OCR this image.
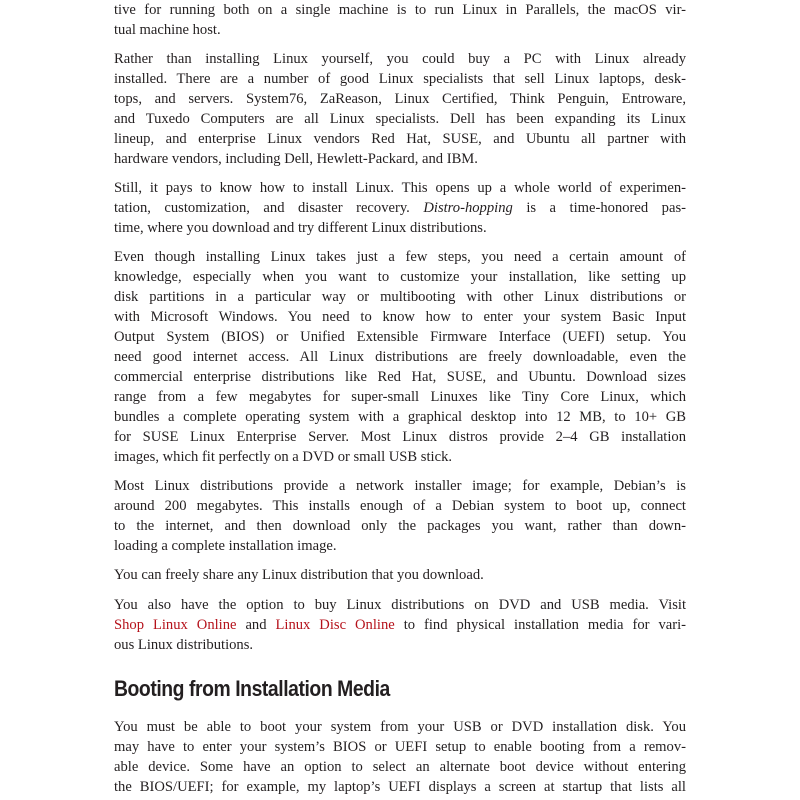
tive for running both on a single machine is to run Linux in Parallels, the macOS vir-
tual machine host.

Rather than installing Linux yourself, you could buy a PC with Linux already
installed. There are a number of good Linux specialists that sell Linux laptops, desk-
tops, and servers. System76, ZaReason, Linux Certified, Think Penguin, Entroware,
and Tuxedo Computers are all Linux specialists. Dell has been expanding its Linux
lineup, and enterprise Linux vendors Red Hat, SUSE, and Ubuntu all partner with
hardware vendors, including Dell, Hewlett-Packard, and IBM.

Still, it pays to know how to install Linux. This opens up a whole world of experimen-
tation, customization, and disaster recovery. Distro-hopping is a time-honored pas-
time, where you download and try different Linux distributions.

Even though installing Linux takes just a few steps, you need a certain amount of
knowledge, especially when you want to customize your installation, like setting up
disk partitions in a particular way or multibooting with other Linux distributions or
with Microsoft Windows. You need to know how to enter your system Basic Input
Output System (BIOS) or Unified Extensible Firmware Interface (UEFI) setup. You
need good internet access. All Linux distributions are freely downloadable, even the
commercial enterprise distributions like Red Hat, SUSE, and Ubuntu. Download sizes
range from a few megabytes for super-small Linuxes like Tiny Core Linux, which
bundles a complete operating system with a graphical desktop into 12 MB, to 10+ GB
for SUSE Linux Enterprise Server. Most Linux distros provide 2–4 GB installation
images, which fit perfectly on a DVD or small USB stick.

Most Linux distributions provide a network installer image; for example, Debian’s is
around 200 megabytes. This installs enough of a Debian system to boot up, connect
to the internet, and then download only the packages you want, rather than down-
loading a complete installation image.

You can freely share any Linux distribution that you download.

You also have the option to buy Linux distributions on DVD and USB media. Visit
Shop Linux Online and Linux Disc Online to find physical installation media for vari-
ous Linux distributions.

Booting from Installation Media

You must be able to boot your system from your USB or DVD installation disk. You
may have to enter your system’s BIOS or UEFI setup to enable booting from a remov-
able device. Some have an option to select an alternate boot device without entering
the BIOS/UEFI; for example, my laptop’s UEFI displays a screen at startup that lists all
